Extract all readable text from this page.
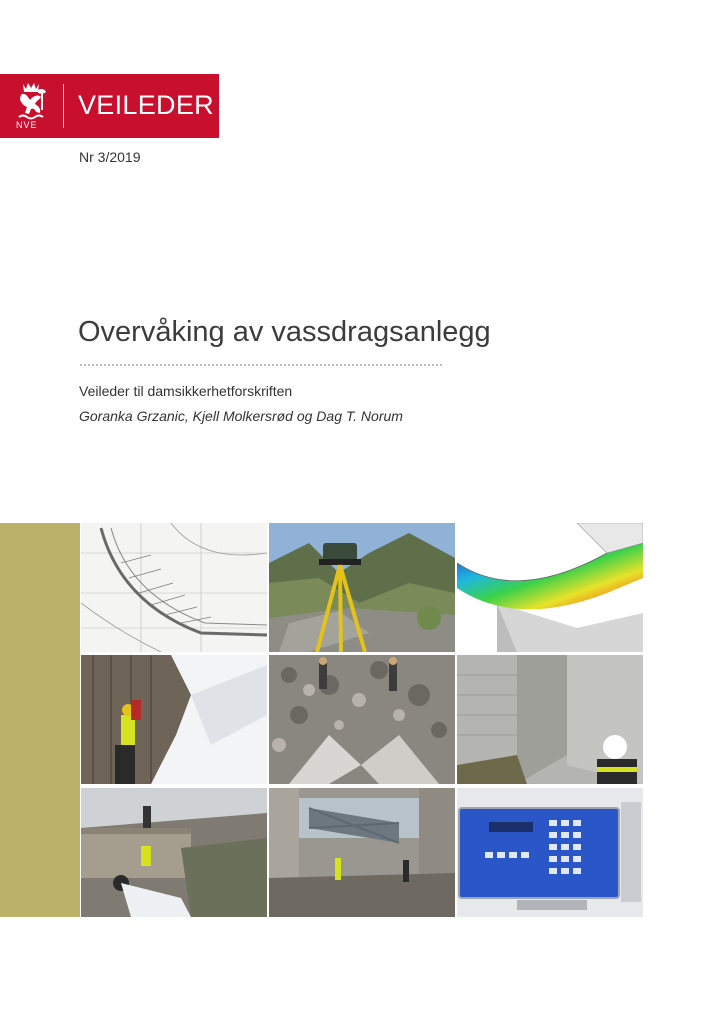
NVE
VEILEDER
Nr 3/2019
Overvåking av vassdragsanlegg
Veileder til damsikkerhetforskriften
Goranka Grzanic, Kjell Molkersrød og Dag T. Norum
